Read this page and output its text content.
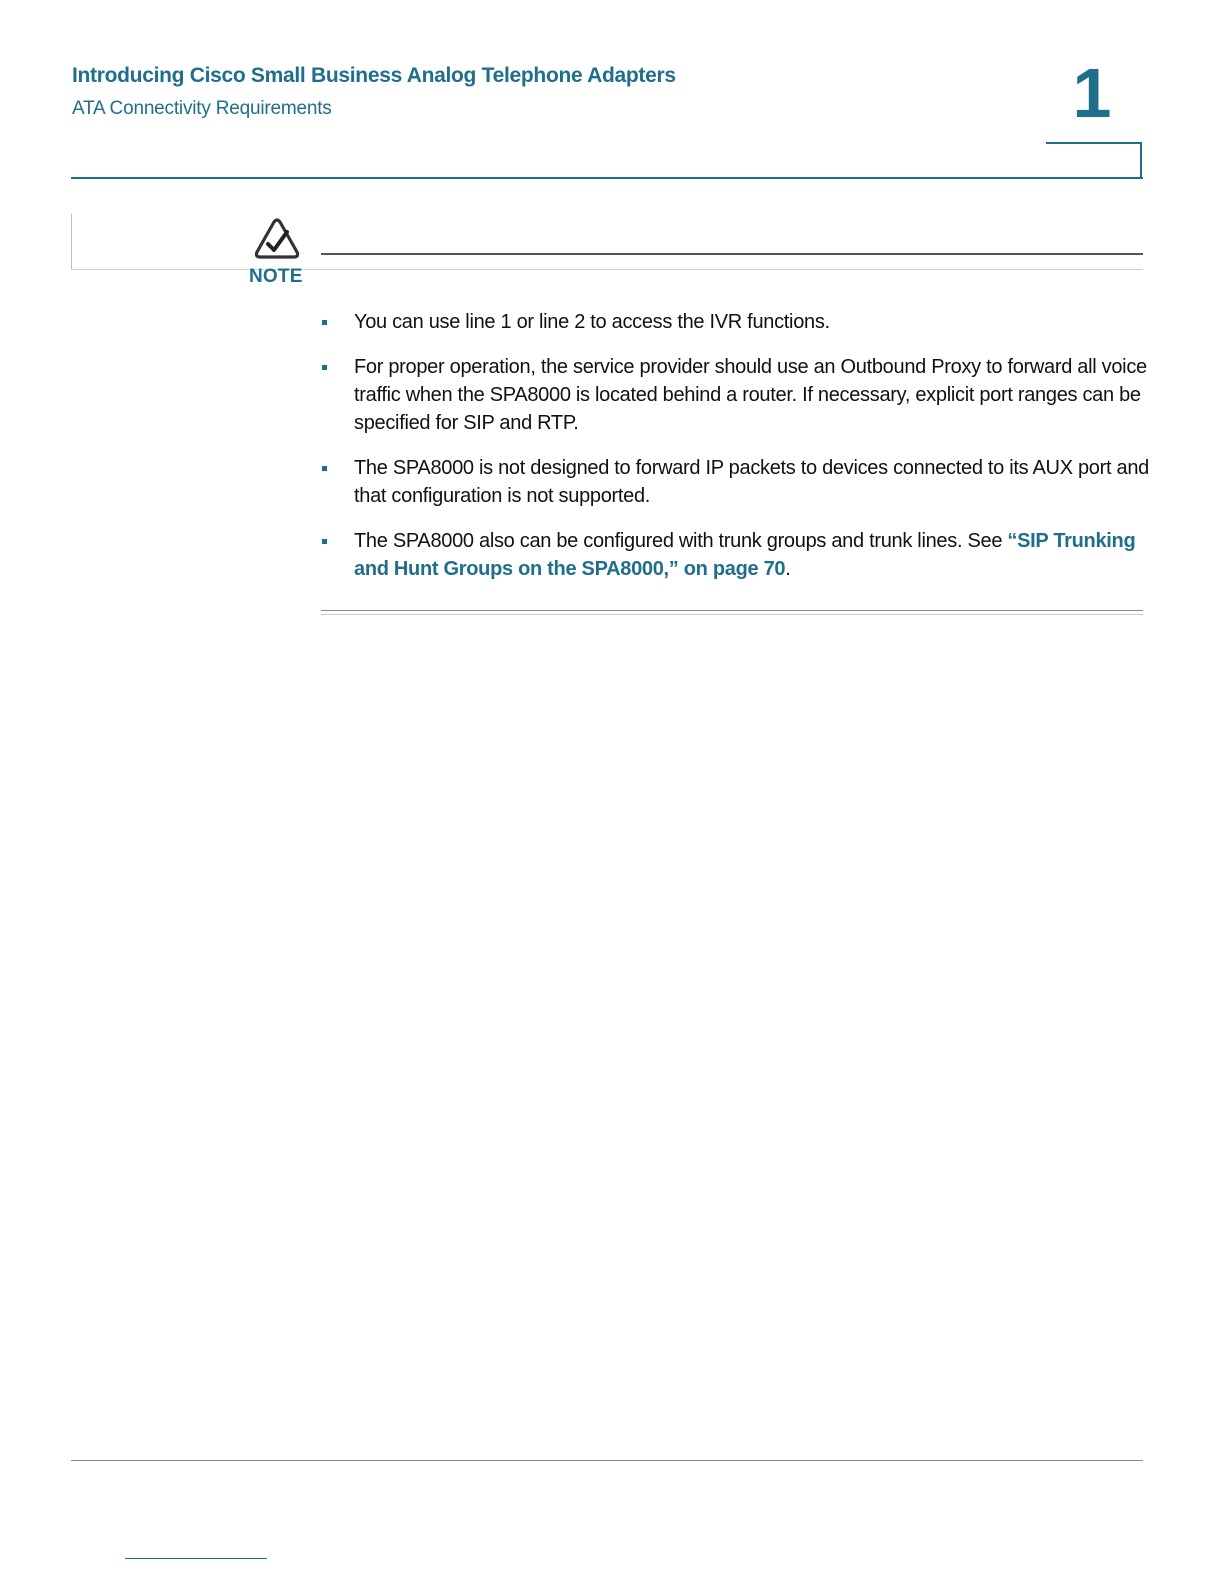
Introducing Cisco Small Business Analog Telephone Adapters
ATA Connectivity Requirements	1
NOTE
You can use line 1 or line 2 to access the IVR functions.
For proper operation, the service provider should use an Outbound Proxy to forward all voice traffic when the SPA8000 is located behind a router. If necessary, explicit port ranges can be specified for SIP and RTP.
The SPA8000 is not designed to forward IP packets to devices connected to its AUX port and that configuration is not supported.
The SPA8000 also can be configured with trunk groups and trunk lines. See “SIP Trunking and Hunt Groups on the SPA8000,” on page 70.
